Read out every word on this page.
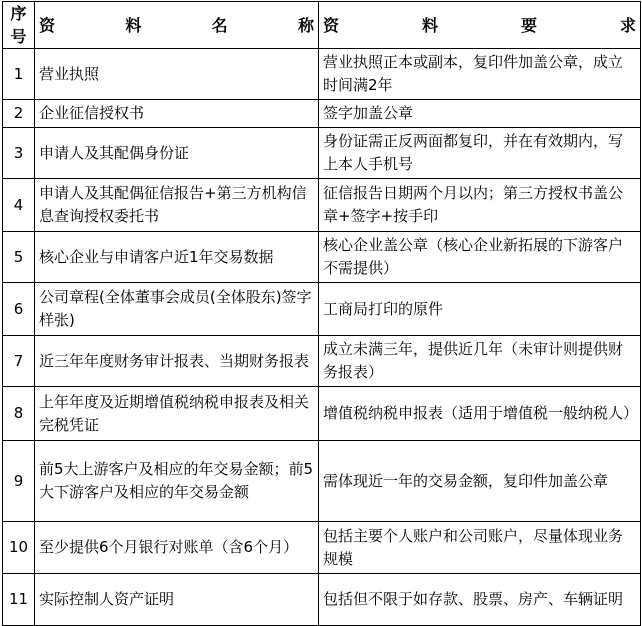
序号	资 料 名 称	资 料 要 求
1	营业执照	营业执照正本或副本，复印件加盖公章，成立时间满2年
2	企业征信授权书	签字加盖公章
3	申请人及其配偶身份证	身份证需正反两面都复印，并在有效期内，写上本人手机号
4	申请人及其配偶征信报告+第三方机构信息查询授权委托书	征信报告日期两个月以内；第三方授权书盖公章+签字+按手印
5	核心企业与申请客户近1年交易数据	核心企业盖公章（核心企业新拓展的下游客户不需提供）
6	公司章程(全体董事会成员(全体股东)签字样张)	工商局打印的原件
7	近三年年度财务审计报表、当期财务报表	成立未满三年，提供近几年（未审计则提供财务报表）
8	上年年度及近期增值税纳税申报表及相关完税凭证	增值税纳税申报表（适用于增值税一般纳税人）
9	前5大上游客户及相应的年交易金额；前5大下游客户及相应的年交易金额	需体现近一年的交易金额，复印件加盖公章
10	至少提供6个月银行对账单（含6个月）	包括主要个人账户和公司账户，尽量体现业务规模
11	实际控制人资产证明	包括但不限于如存款、股票、房产、车辆证明
